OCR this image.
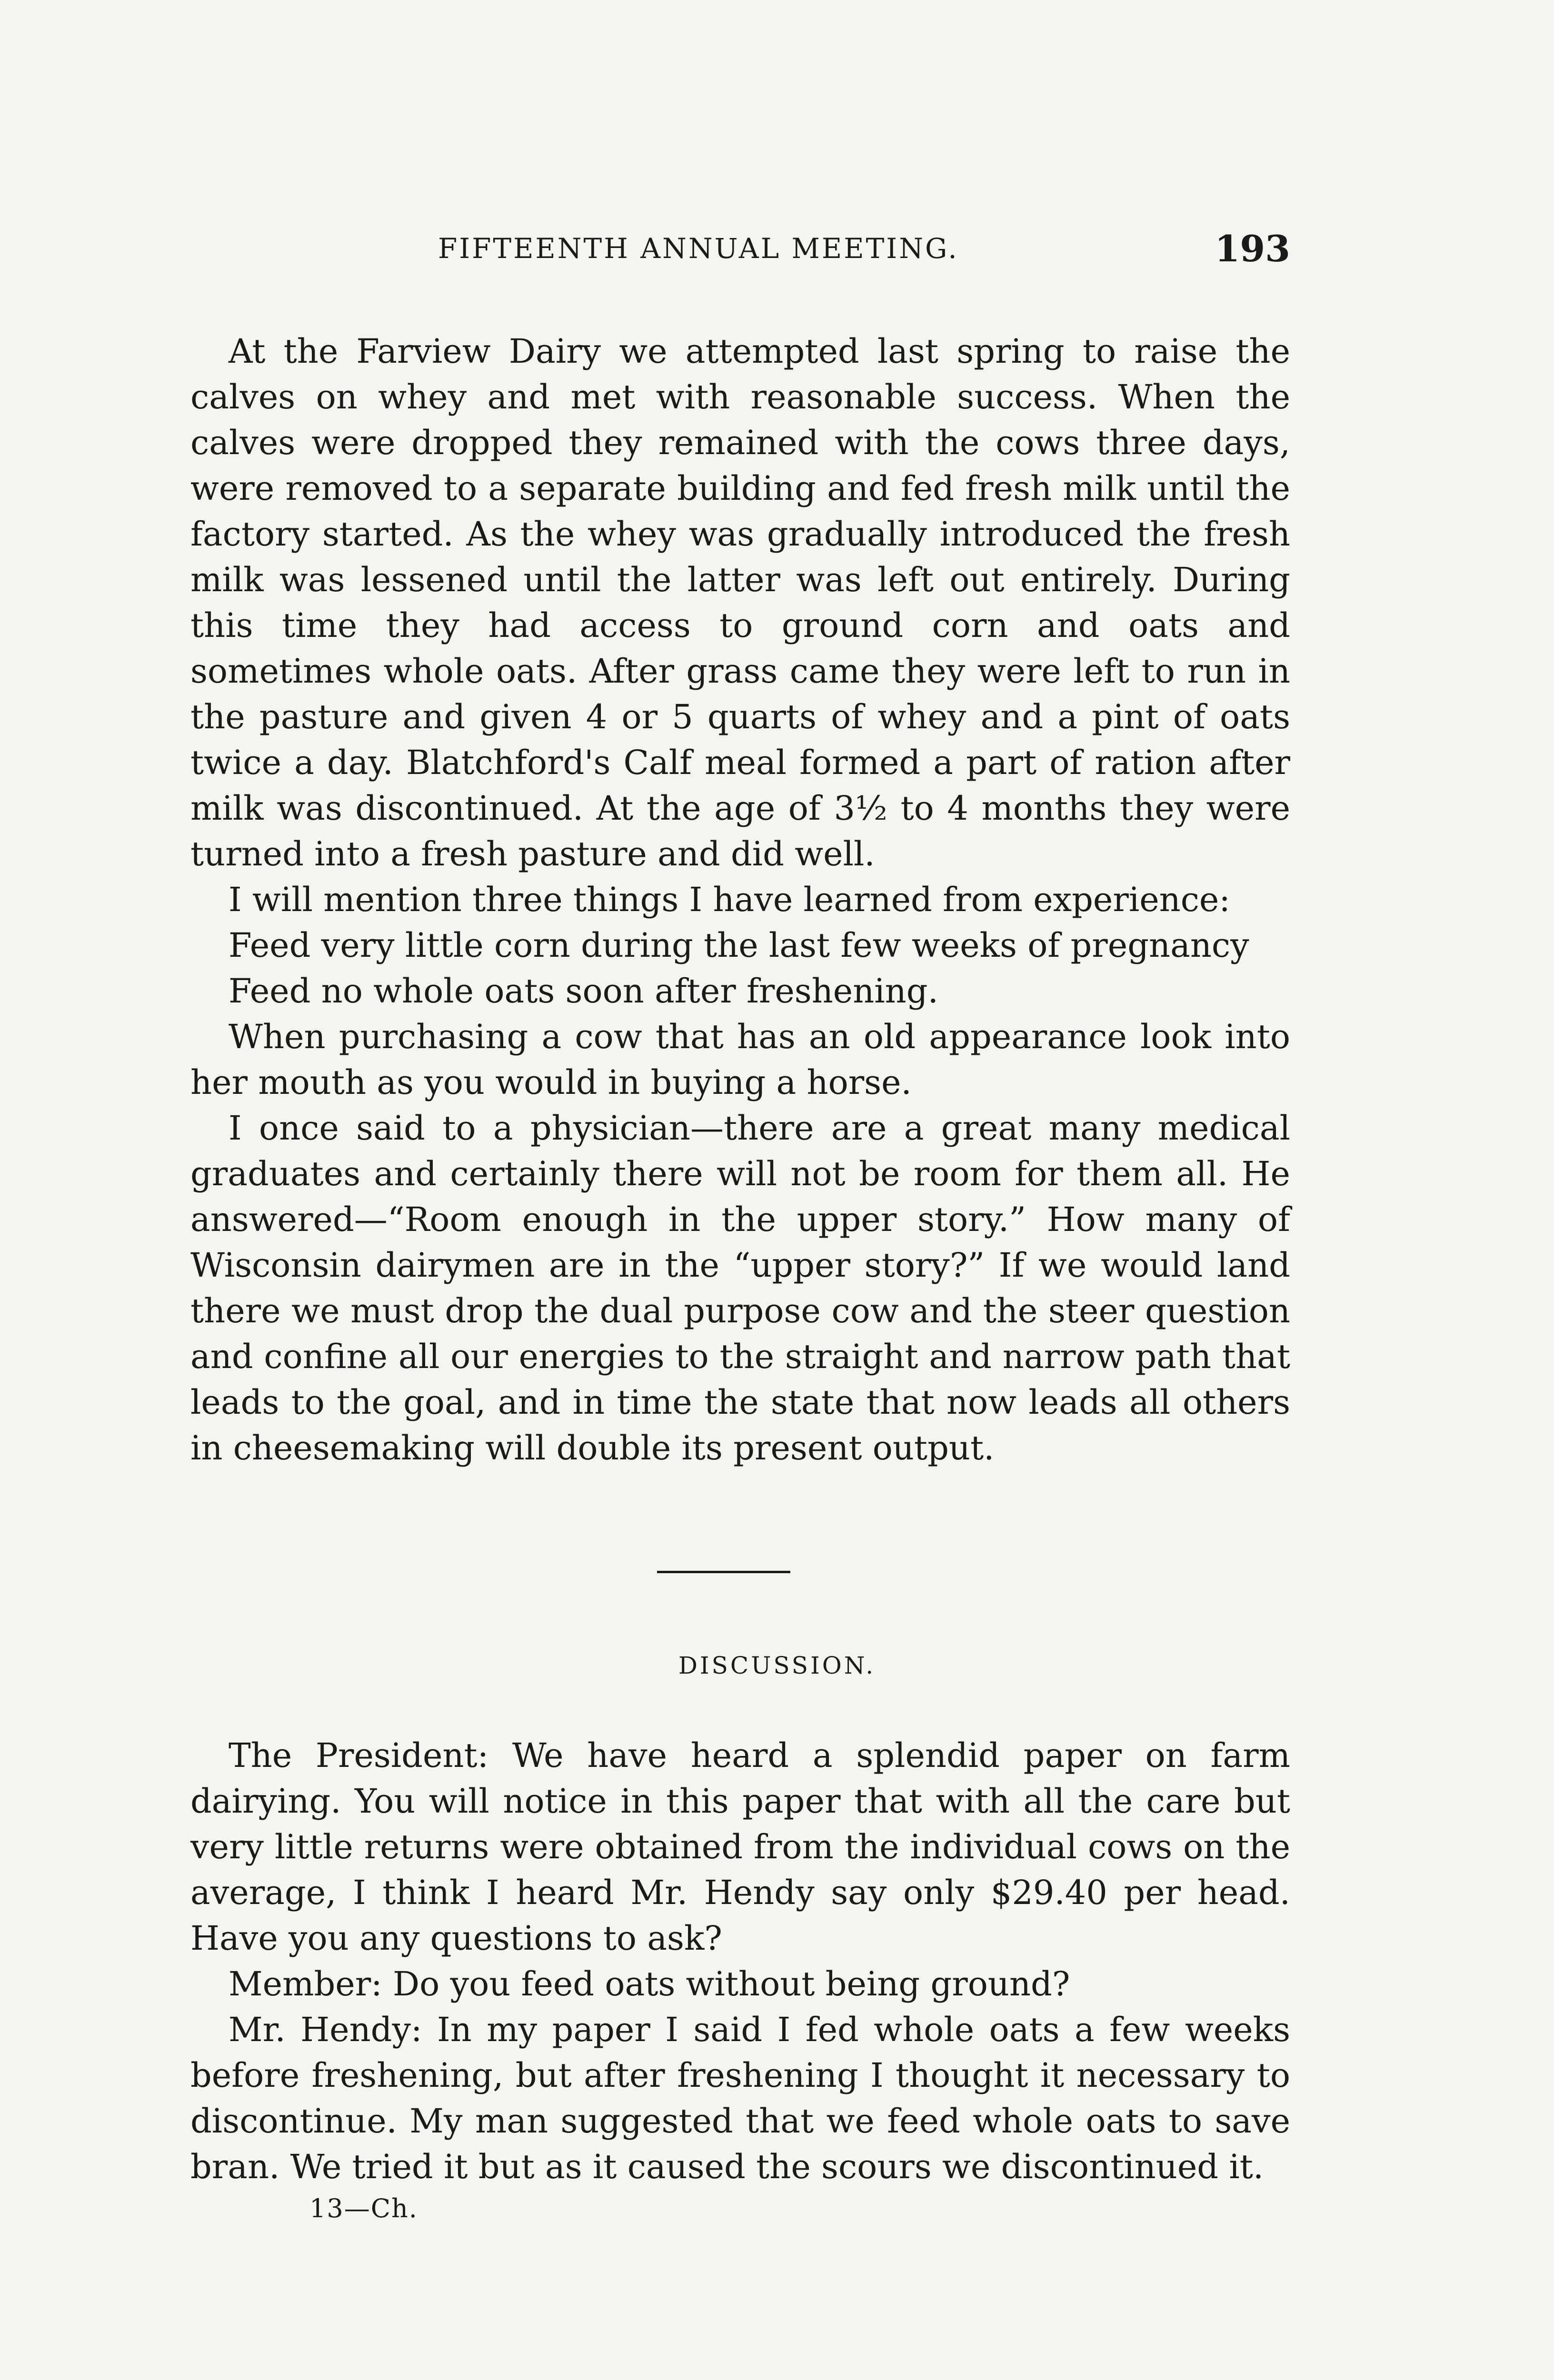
FIFTEENTH ANNUAL MEETING.	193

At the Farview Dairy we attempted last spring to raise the calves on whey and met with reasonable success. When the calves were dropped they remained with the cows three days, were removed to a separate building and fed fresh milk until the factory started. As the whey was gradually introduced the fresh milk was lessened until the latter was left out entirely. During this time they had access to ground corn and oats and sometimes whole oats. After grass came they were left to run in the pasture and given 4 or 5 quarts of whey and a pint of oats twice a day. Blatchford's Calf meal formed a part of ration after milk was discontinued. At the age of 3½ to 4 months they were turned into a fresh pasture and did well.

I will mention three things I have learned from experience:

Feed very little corn during the last few weeks of pregnancy

Feed no whole oats soon after freshening.

When purchasing a cow that has an old appearance look into her mouth as you would in buying a horse.

I once said to a physician—there are a great many medical graduates and certainly there will not be room for them all. He answered—“Room enough in the upper story.” How many of Wisconsin dairymen are in the “upper story?” If we would land there we must drop the dual purpose cow and the steer question and confine all our energies to the straight and narrow path that leads to the goal, and in time the state that now leads all others in cheesemaking will double its present output.

DISCUSSION.

The President: We have heard a splendid paper on farm dairying. You will notice in this paper that with all the care but very little returns were obtained from the individual cows on the average, I think I heard Mr. Hendy say only $29.40 per head. Have you any questions to ask?

Member: Do you feed oats without being ground?

Mr. Hendy: In my paper I said I fed whole oats a few weeks before freshening, but after freshening I thought it necessary to discontinue. My man suggested that we feed whole oats to save bran. We tried it but as it caused the scours we discontinued it.

13—Ch.
